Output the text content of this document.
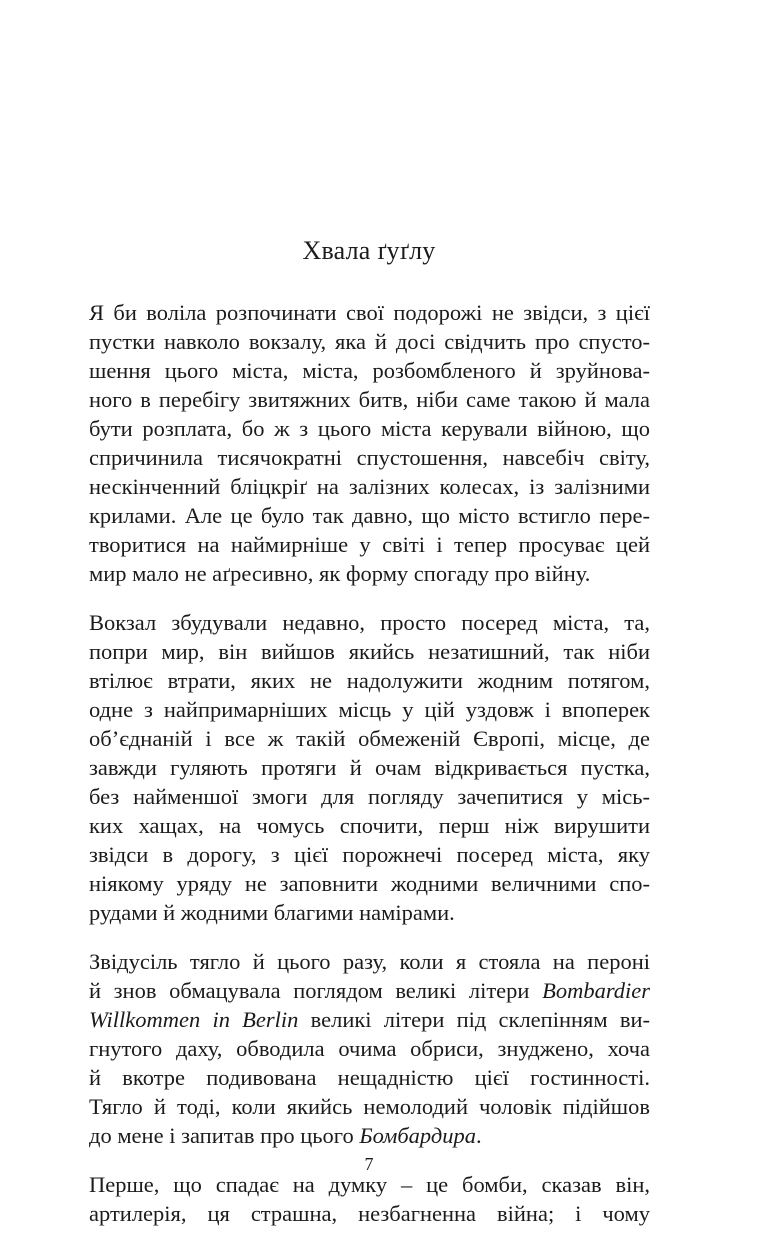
Хвала ґуґлу

Я би воліла розпочинати свої подорожі не звідси, з цієї
пустки навколо вокзалу, яка й досі свідчить про спусто-
шення цього міста, міста, розбомбленого й зруйнова-
ного в перебігу звитяжних битв, ніби саме такою й мала
бути розплата, бо ж з цього міста керували війною, що
спричинила тисячократні спустошення, навсебіч світу,
нескінченний бліцкріґ на залізних колесах, із залізними
крилами. Але це було так давно, що місто встигло пере-
творитися на наймирніше у світі і тепер просуває цей
мир мало не аґресивно, як форму спогаду про війну.

Вокзал збудували недавно, просто посеред міста, та,
попри мир, він вийшов якийсь незатишний, так ніби
втілює втрати, яких не надолужити жодним потягом,
одне з найпримарніших місць у цій уздовж і впоперек
об’єднаній і все ж такій обмеженій Європі, місце, де
завжди гуляють протяги й очам відкривається пустка,
без найменшої змоги для погляду зачепитися у місь-
ких хащах, на чомусь спочити, перш ніж вирушити
звідси в дорогу, з цієї порожнечі посеред міста, яку
ніякому уряду не заповнити жодними величними спо-
рудами й жодними благими намірами.

Звідусіль тягло й цього разу, коли я стояла на пероні
й знов обмацувала поглядом великі літери Bombardier
Willkommen in Berlin великі літери під склепінням ви-
гнутого даху, обводила очима обриси, знуджено, хоча
й вкотре подивована нещадністю цієї гостинності.
Тягло й тоді, коли якийсь немолодий чоловік підійшов
до мене і запитав про цього Бомбардира.

Перше, що спадає на думку – це бомби, сказав він,
артилерія, ця страшна, незбагненна війна; і чому

7
